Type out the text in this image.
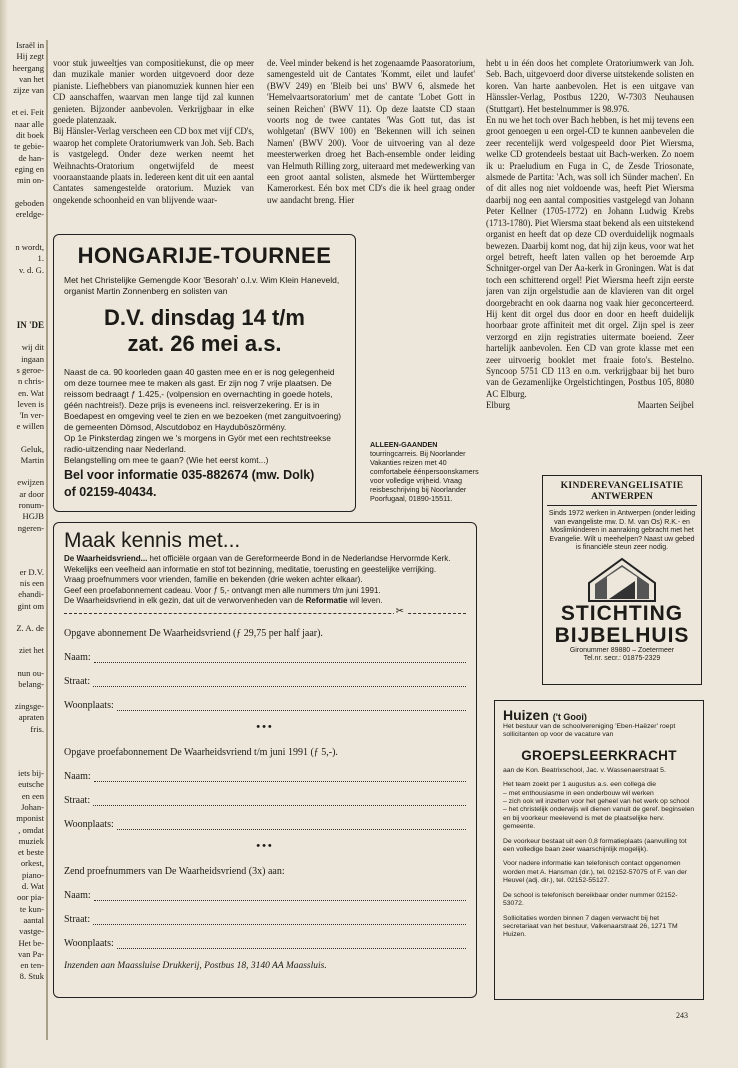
Israël in
Hij zegt
heergang
van het
zijze van
et ei. Feit
naar alle
dit boek
te gebie-
de han-
eging en
min on-
geboden
ereldge-
n wordt,
1.
v. d. G.
IN 'DE
wij dit
ingaan
s geroe-
n chris-
en. Wat
leven is
'In ver-
e willen
Geluk,
Martin
ewijzen
ar door
ronum-
HGJB
ngeren-
er D.V.
nis een
ehandi-
gint om
Z. A. de
ziet het
nun ou-
belang-
zingsge-
apraten
fris.
iets bij-
eutsche
en een
Johan-
mponist
, omdat
muziek
et beste
orkest,
piano-
d. Wat
oor pia-
te kun-
aantal
vastge-
Het be-
van Pa-
en ten-
8. Stuk
voor stuk juweeltjes van compositiekunst, die op meer dan muzikale manier worden uitgevoerd door deze pianiste. Liefhebbers van pianomuziek kunnen hier een CD aanschaffen, waarvan men lange tijd zal kunnen genieten. Bijzonder aanbevolen. Verkrijgbaar in elke goede platenzaak.
Bij Hänsler-Verlag verscheen een CD box met vijf CD's, waarop het complete Oratoriumwerk van Joh. Seb. Bach is vastgelegd. Onder deze werken neemt het Weihnachts-Oratorium ongetwijfeld de meest vooraanstaande plaats in. Iedereen kent dit uit een aantal Cantates samengestelde oratorium. Muziek van ongekende schoonheid en van blijvende waar-
de. Veel minder bekend is het zogenaamde Paasoratorium, samengesteld uit de Cantates 'Kommt, eilet und laufet' (BWV 249) en 'Bleib bei uns' BWV 6, alsmede het 'Hemelvaartsoratorium' met de cantate 'Lobet Gott in seinen Reichen' (BWV 11). Op deze laatste CD staan voorts nog de twee cantates 'Was Gott tut, das ist wohlgetan' (BWV 100) en 'Bekennen will ich seinen Namen' (BWV 200). Voor de uitvoering van al deze meesterwerken droeg het Bach-ensemble onder leiding van Helmuth Rilling zorg, uiteraard met medewerking van een groot aantal solisten, alsmede het Württemberger Kamerorkest. Eén box met CD's die ik heel graag onder uw aandacht breng. Hier
hebt u in één doos het complete Oratoriumwerk van Joh. Seb. Bach, uitgevoerd door diverse uitstekende solisten en koren. Van harte aanbevolen. Het is een uitgave van Hänssler-Verlag, Postbus 1220, W-7303 Neuhausen (Stuttgart). Het bestelnummer is 98.976.
En nu we het toch over Bach hebben, is het mij tevens een groot genoegen u een orgel-CD te kunnen aanbevelen die zeer recentelijk werd volgespeeld door Piet Wiersma, welke CD grotendeels bestaat uit Bach-werken. Zo noem ik u: Praeludium en Fuga in C, de Zesde Triosonate, alsmede de Partita: 'Ach, was soll ich Sünder machen'. En of dit alles nog niet voldoende was, heeft Piet Wiersma daarbij nog een aantal composities vastgelegd van Johann Peter Kellner (1705-1772) en Johann Ludwig Krebs (1713-1780). Piet Wiersma staat bekend als een uitstekend organist en heeft dat op deze CD overduidelijk nogmaals bewezen. Daarbij komt nog, dat hij zijn keus, voor wat het orgel betreft, heeft laten vallen op het beroemde Arp Schnitger-orgel van Der Aa-kerk in Groningen. Wat is dat toch een schitterend orgel! Piet Wiersma heeft zijn eerste jaren van zijn orgelstudie aan de klavieren van dit orgel doorgebracht en ook daarna nog vaak hier geconcerteerd. Hij kent dit orgel dus door en door en heeft duidelijk hoorbaar grote affiniteit met dit orgel. Zijn spel is zeer verzorgd en zijn registraties uitermate boeiend. Zeer hartelijk aanbevolen. Een CD van grote klasse met een zeer uitvoerig booklet met fraaie foto's. Bestelno. Syncoop 5751 CD 113 en o.m. verkrijgbaar bij het buro van de Gezamenlijke Orgelstichtingen, Postbus 105, 8080 AC Elburg.
Elburg	Maarten Seijbel
HONGARIJE-TOURNEE
Met het Christelijke Gemengde Koor 'Besorah' o.l.v. Wim Klein Haneveld, organist Martin Zonnenberg en solisten van
D.V. dinsdag 14 t/m
zat. 26 mei a.s.
Naast de ca. 90 koorleden gaan 40 gasten mee en er is nog gelegenheid om deze tournee mee te maken als gast. Er zijn nog 7 vrije plaatsen. De reissom bedraagt ƒ 1.425,- (volpension en overnachting in goede hotels, géén nachtreis!). Deze prijs is eveneens incl. reisverzekering. Er is in Boedapest en omgeving veel te zien en we bezoeken (met zanguitvoering) de gemeenten Dömsod, Alscutdoboz en Hayduböszörmény.
Op 1e Pinksterdag zingen we 's morgens in Györ met een rechtstreekse radio-uitzending naar Nederland.
Belangstelling om mee te gaan? (Wie het eerst komt...)
Bel voor informatie 035-882674 (mw. Dolk)
of 02159-40434.
ALLEEN-GAANDEN tourringcarreis. Bij Noorlander Vakanties reizen met 40 comfortabele éénpersoonskamers voor volledige vrijheid. Vraag reisbeschrijving bij Noorlander Poorfugaal, 01890-15511.
Maak kennis met...
De Waarheidsvriend... het officiële orgaan van de Gereformeerde Bond in de Nederlandse Hervormde Kerk.
Wekelijks een veelheid aan informatie en stof tot bezinning, meditatie, toerusting en geestelijke verrijking.
Vraag proefnummers voor vrienden, familie en bekenden (drie weken achter elkaar).
Geef een proefabonnement cadeau. Voor ƒ 5,- ontvangt men alle nummers t/m juni 1991.
De Waarheidsvriend in elk gezin, dat uit de verworvenheden van de Reformatie wil leven.
✂
Opgave abonnement De Waarheidsvriend (ƒ 29,75 per half jaar).
Naam:
Straat:
Woonplaats:
•••
Opgave proefabonnement De Waarheidsvriend t/m juni 1991 (ƒ 5,-).
Naam:
Straat:
Woonplaats:
•••
Zend proefnummers van De Waarheidsvriend (3x) aan:
Naam:
Straat:
Woonplaats:
Inzenden aan Maassluise Drukkerij, Postbus 18, 3140 AA Maassluis.
KINDEREVANGELISATIE
ANTWERPEN
Sinds 1972 werken in Antwerpen (onder leiding van evangeliste mw. D. M. van Os) R.K.- en Moslimkinderen in aanraking gebracht met het Evangelie. Wilt u meehelpen? Naast uw gebed is financiële steun zeer nodig.
STICHTING
BIJBELHUIS
Gironummer 89880 – Zoetermeer
Tel.nr. secr.: 01875-2329
Huizen ('t Gooi)
Het bestuur van de schoolvereniging 'Eben-Haëzer' roept sollicitanten op voor de vacature van
GROEPSLEERKRACHT
aan de Kon. Beatrixschool, Jac. v. Wassenaerstraat 5.
Het team zoekt per 1 augustus a.s. een collega die
– met enthousiasme in een onderbouw wil werken
– zich ook wil inzetten voor het geheel van het werk op school
– het christelijk onderwijs wil dienen vanuit de geref. beginselen en bij voorkeur meelevend is met de plaatselijke herv. gemeente.
De voorkeur bestaat uit een 0,8 formatieplaats (aanvulling tot een volledige baan zeer waarschijnlijk mogelijk).
Voor nadere informatie kan telefonisch contact opgenomen worden met A. Hansman (dir.), tel. 02152-57075 of F. van der Heuvel (adj. dir.), tel. 02152-55127.
De school is telefonisch bereikbaar onder nummer 02152-53072.
Sollicitaties worden binnen 7 dagen verwacht bij het secretariaat van het bestuur, Valkenaarstraat 26, 1271 TM Huizen.
243
